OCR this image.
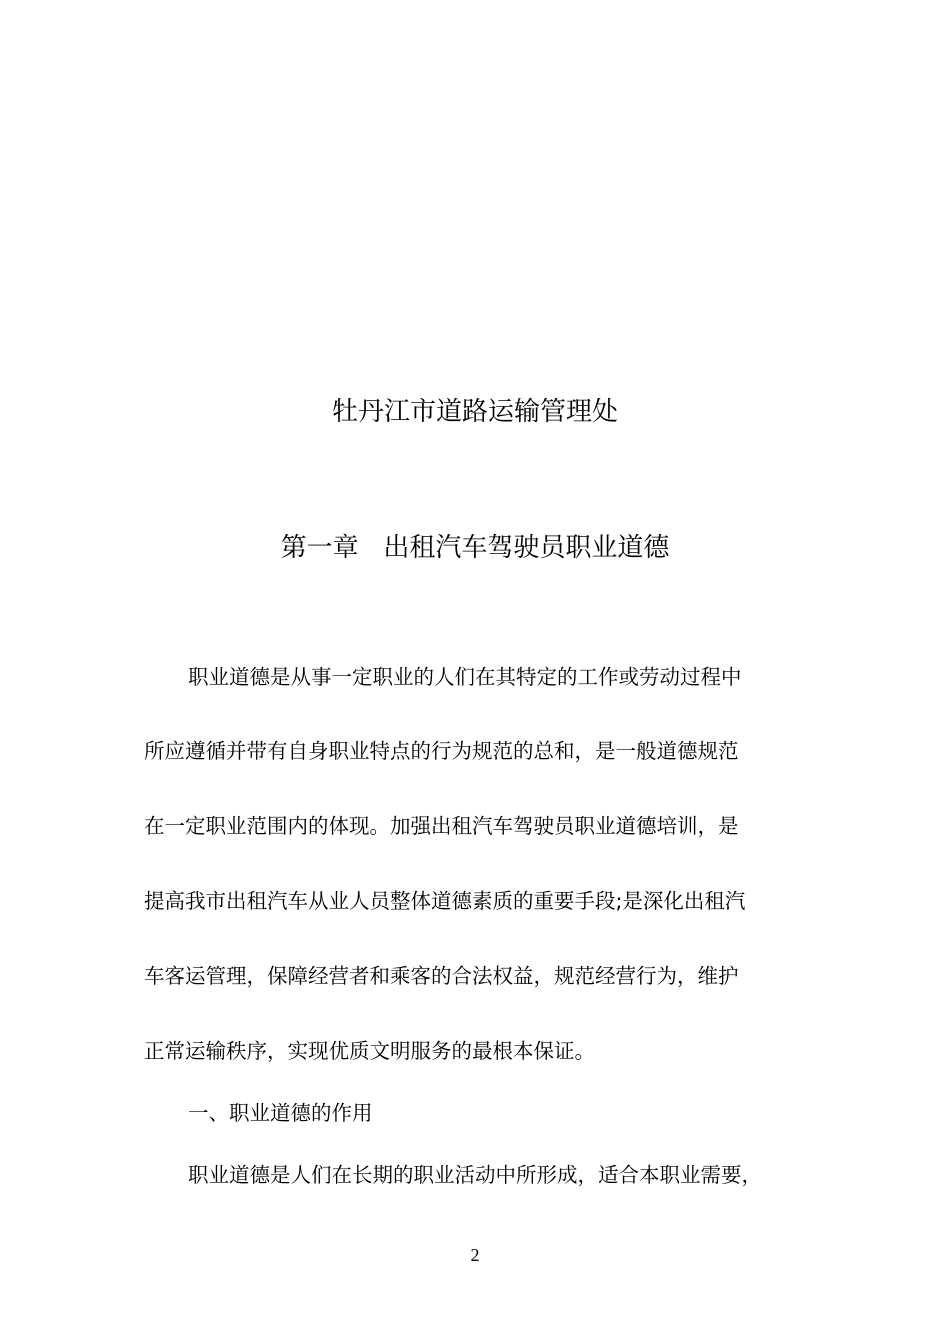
牡丹江市道路运输管理处
第一章   出租汽车驾驶员职业道德
职业道德是从事一定职业的人们在其特定的工作或劳动过程中
所应遵循并带有自身职业特点的行为规范的总和，是一般道德规范
在一定职业范围内的体现。加强出租汽车驾驶员职业道德培训，是
提高我市出租汽车从业人员整体道德素质的重要手段;是深化出租汽
车客运管理，保障经营者和乘客的合法权益，规范经营行为，维护
正常运输秩序，实现优质文明服务的最根本保证。
一、职业道德的作用
职业道德是人们在长期的职业活动中所形成，适合本职业需要，
2
